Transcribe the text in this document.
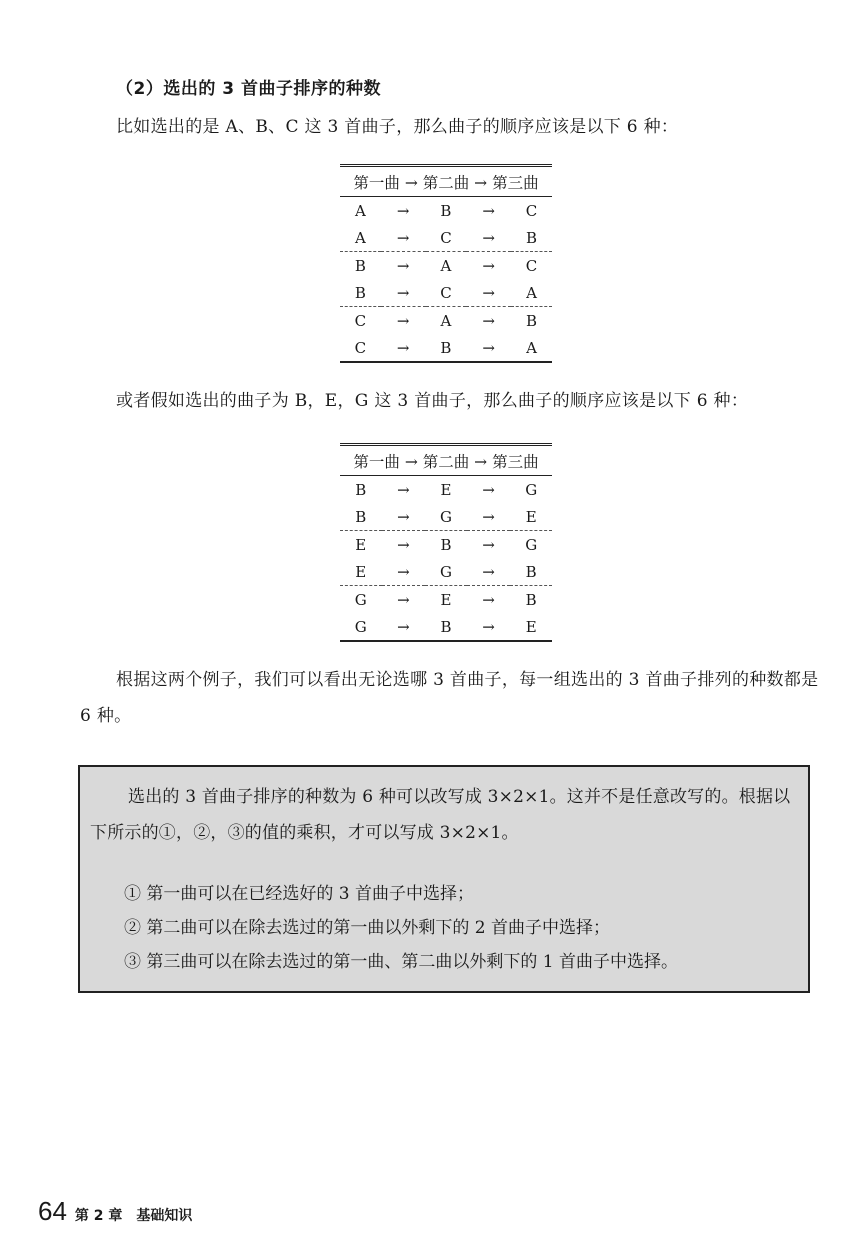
（2）选出的 3 首曲子排序的种数
比如选出的是 A、B、C 这 3 首曲子，那么曲子的顺序应该是以下 6 种：
第一曲 → 第二曲 → 第三曲				
A	→	B	→	C
A	→	C	→	B
B	→	A	→	C
B	→	C	→	A
C	→	A	→	B
C	→	B	→	A
或者假如选出的曲子为 B，E，G 这 3 首曲子，那么曲子的顺序应该是以下 6 种：
第一曲 → 第二曲 → 第三曲				
B	→	E	→	G
B	→	G	→	E
E	→	B	→	G
E	→	G	→	B
G	→	E	→	B
G	→	B	→	E
根据这两个例子，我们可以看出无论选哪 3 首曲子，每一组选出的 3 首曲子排列的种数都是 6 种。
选出的 3 首曲子排序的种数为 6 种可以改写成 3×2×1。这并不是任意改写的。根据以下所示的①，②，③的值的乘积，才可以写成 3×2×1。
① 第一曲可以在已经选好的 3 首曲子中选择；
② 第二曲可以在除去选过的第一曲以外剩下的 2 首曲子中选择；
③ 第三曲可以在除去选过的第一曲、第二曲以外剩下的 1 首曲子中选择。
64 第 2 章　基础知识
